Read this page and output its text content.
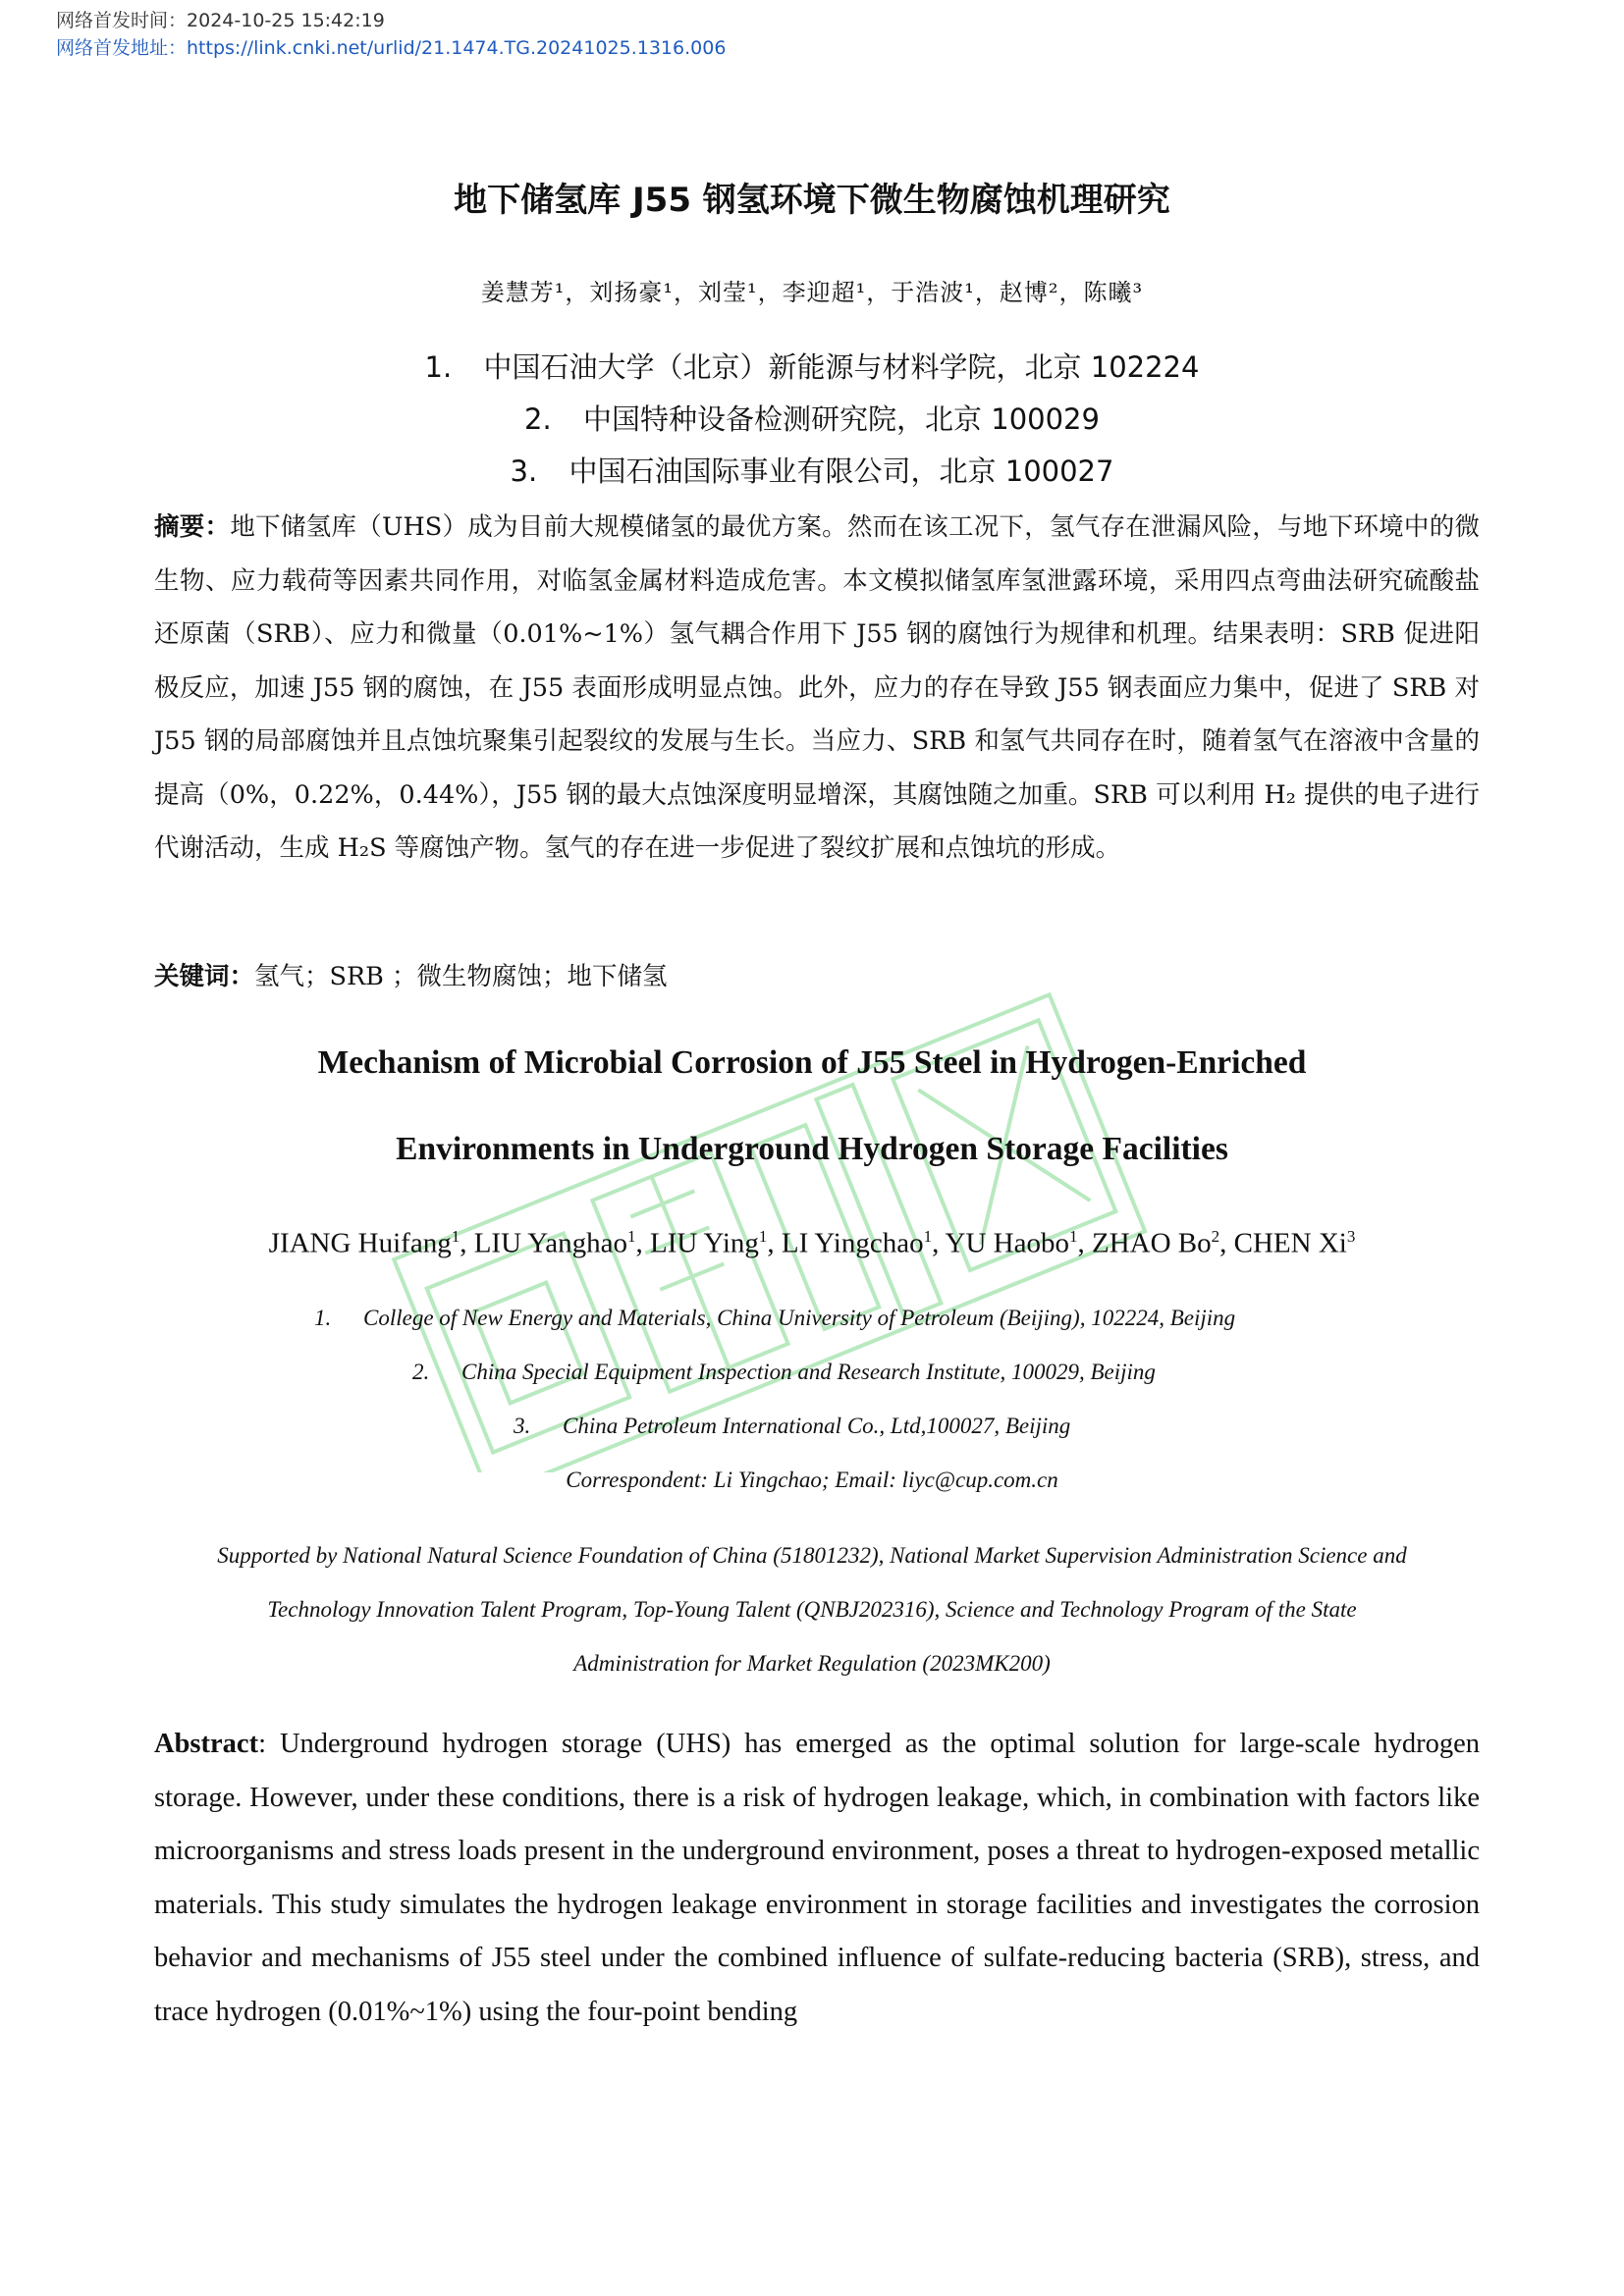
网络首发时间：2024-10-25 15:42:19
网络首发地址：https://link.cnki.net/urlid/21.1474.TG.20241025.1316.006
地下储氢库 J55 钢氢环境下微生物腐蚀机理研究
姜慧芳¹，刘扬豪¹，刘莹¹，李迎超¹，于浩波¹，赵博²，陈曦³
1. 中国石油大学（北京）新能源与材料学院，北京 102224
2. 中国特种设备检测研究院，北京 100029
3. 中国石油国际事业有限公司，北京 100027
摘要：地下储氢库（UHS）成为目前大规模储氢的最优方案。然而在该工况下，氢气存在泄漏风险，与地下环境中的微生物、应力载荷等因素共同作用，对临氢金属材料造成危害。本文模拟储氢库氢泄露环境，采用四点弯曲法研究硫酸盐还原菌（SRB）、应力和微量（0.01%~1%）氢气耦合作用下 J55 钢的腐蚀行为规律和机理。结果表明：SRB 促进阳极反应，加速 J55 钢的腐蚀，在 J55 表面形成明显点蚀。此外，应力的存在导致 J55 钢表面应力集中，促进了 SRB 对 J55 钢的局部腐蚀并且点蚀坑聚集引起裂纹的发展与生长。当应力、SRB 和氢气共同存在时，随着氢气在溶液中含量的提高（0%，0.22%，0.44%），J55 钢的最大点蚀深度明显增深，其腐蚀随之加重。SRB 可以利用 H₂ 提供的电子进行代谢活动，生成 H₂S 等腐蚀产物。氢气的存在进一步促进了裂纹扩展和点蚀坑的形成。
关键词：氢气；SRB ；微生物腐蚀；地下储氢
Mechanism of Microbial Corrosion of J55 Steel in Hydrogen-Enriched
Environments in Underground Hydrogen Storage Facilities
JIANG Huifang$^1$, LIU Yanghao$^1$, LIU Ying$^1$, LI Yingchao$^1$, YU Haobo$^1$, ZHAO Bo$^2$, CHEN Xi$^3$
1. College of New Energy and Materials, China University of Petroleum (Beijing), 102224, Beijing
2. China Special Equipment Inspection and Research Institute, 100029, Beijing
3. China Petroleum International Co., Ltd,100027, Beijing
Correspondent: Li Yingchao; Email: liyc@cup.com.cn
Supported by National Natural Science Foundation of China (51801232), National Market Supervision Administration Science and
Technology Innovation Talent Program, Top-Young Talent (QNBJ202316), Science and Technology Program of the State
Administration for Market Regulation (2023MK200)
Abstract: Underground hydrogen storage (UHS) has emerged as the optimal solution for large-scale hydrogen storage. However, under these conditions, there is a risk of hydrogen leakage, which, in combination with factors like microorganisms and stress loads present in the underground environment, poses a threat to hydrogen-exposed metallic materials. This study simulates the hydrogen leakage environment in storage facilities and investigates the corrosion behavior and mechanisms of J55 steel under the combined influence of sulfate-reducing bacteria (SRB), stress, and trace hydrogen (0.01%~1%) using the four-point bending
